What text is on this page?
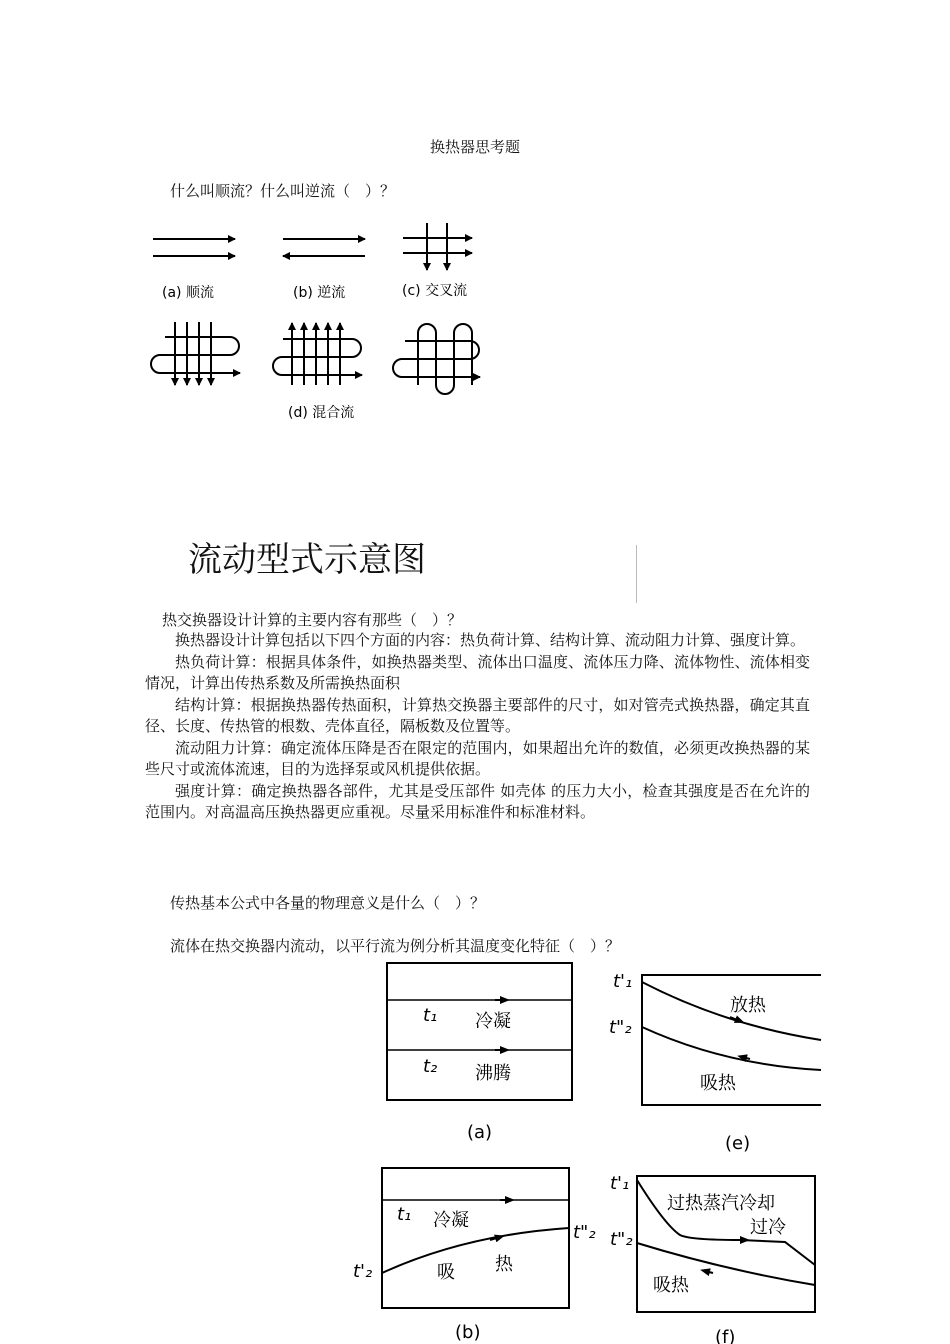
换热器思考题
什么叫顺流？什么叫逆流（　）？
(a) 顺流	(b) 逆流	(c) 交叉流
(d) 混合流
流动型式示意图
热交换器设计计算的主要内容有那些（　）？

换热器设计计算包括以下四个方面的内容：热负荷计算、结构计算、流动阻力计算、强度计算。

热负荷计算：根据具体条件，如换热器类型、流体出口温度、流体压力降、流体物性、流体相变情况，计算出传热系数及所需换热面积

结构计算：根据换热器传热面积，计算热交换器主要部件的尺寸，如对管壳式换热器，确定其直径、长度、传热管的根数、壳体直径，隔板数及位置等。

流动阻力计算：确定流体压降是否在限定的范围内，如果超出允许的数值，必须更改换热器的某些尺寸或流体流速，目的为选择泵或风机提供依据。

强度计算：确定换热器各部件，尤其是受压部件 如壳体 的压力大小，检查其强度是否在允许的范围内。对高温高压换热器更应重视。尽量采用标准件和标准材料。

传热基本公式中各量的物理意义是什么（　）？
流体在热交换器内流动，以平行流为例分析其温度变化特征（　）？
t₁ 冷凝
t₂ 沸腾
(a)
t'₁
t"₂
放热
吸热
(e)
t₁ 冷凝
t'₂
t"₂
吸 热
(b)
t'₁
t"₂
过热蒸汽冷却
过冷
吸热
(f)
